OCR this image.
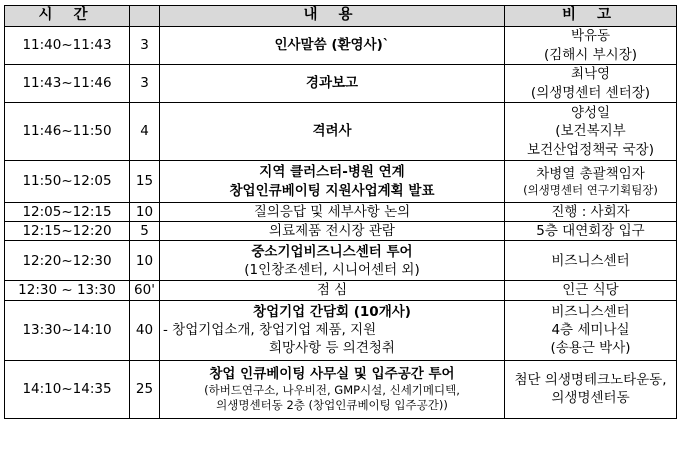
시 간		내 용	비 고
11:40~11:43	3	인사말씀 (환영사)`	박유동
(김해시 부시장)

11:43~11:46	3	경과보고	최낙영
(의생명센터 센터장)

11:46~11:50	4	격려사	양성일
(보건복지부
보건산업정책국 국장)

11:50~12:05	15	지역 클러스터-병원 연계
창업인큐베이팅 지원사업계획 발표	차병열 총괄책임자
(의생명센터 연구기획팀장)

12:05~12:15	10	질의응답 및 세부사항 논의	진행 : 사회자

12:15~12:20	5	의료제품 전시장 관람	5층 대연회장 입구

12:20~12:30	10	중소기업비즈니스센터 투어
(1인창조센터, 시니어센터 외)	비즈니스센터

12:30 ~ 13:30	60'	점 심	인근 식당

13:30~14:10	40	창업기업 간담회 (10개사)
- 창업기업소개, 창업기업 제품, 지원
희망사항 등 의견청취	비즈니스센터
4층 세미나실
(송용근 박사)

14:10~14:35	25	창업 인큐베이팅 사무실 및 입주공간 투어
(하버드연구소, 나우비전, GMP시설, 신세기메디텍,
의생명센터동 2층 (창업인큐베이팅 입주공간))	첨단 의생명테크노타운동,
의생명센터동
